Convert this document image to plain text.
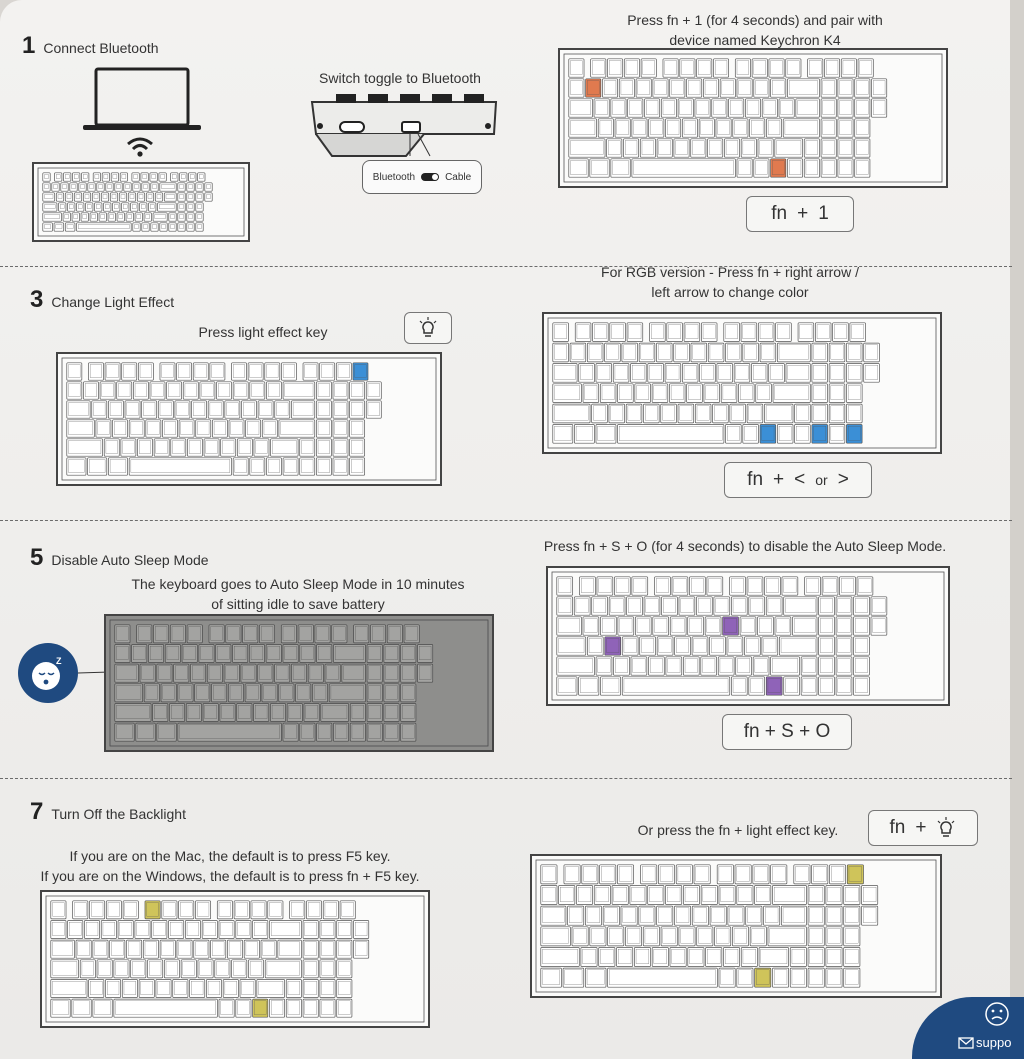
1 Connect Bluetooth
Switch toggle to Bluetooth
Bluetooth	Cable
Press fn + 1 (for 4 seconds) and pair with
device named Keychron K4
fn + 1
3 Change Light Effect
Press light effect key
For RGB version - Press fn + right arrow /
left arrow to change color
fn + < or >
5 Disable Auto Sleep Mode
The keyboard goes to Auto Sleep Mode in 10 minutes
of sitting idle to save battery
Z
Press fn + S + O (for 4 seconds) to disable the Auto Sleep Mode.
fn + S + O
7 Turn Off the Backlight
If you are on the Mac, the default is to press F5 key.
If you are on the Windows, the default is to press fn + F5 key.
Or press the fn + light effect key.	fn +
suppo
